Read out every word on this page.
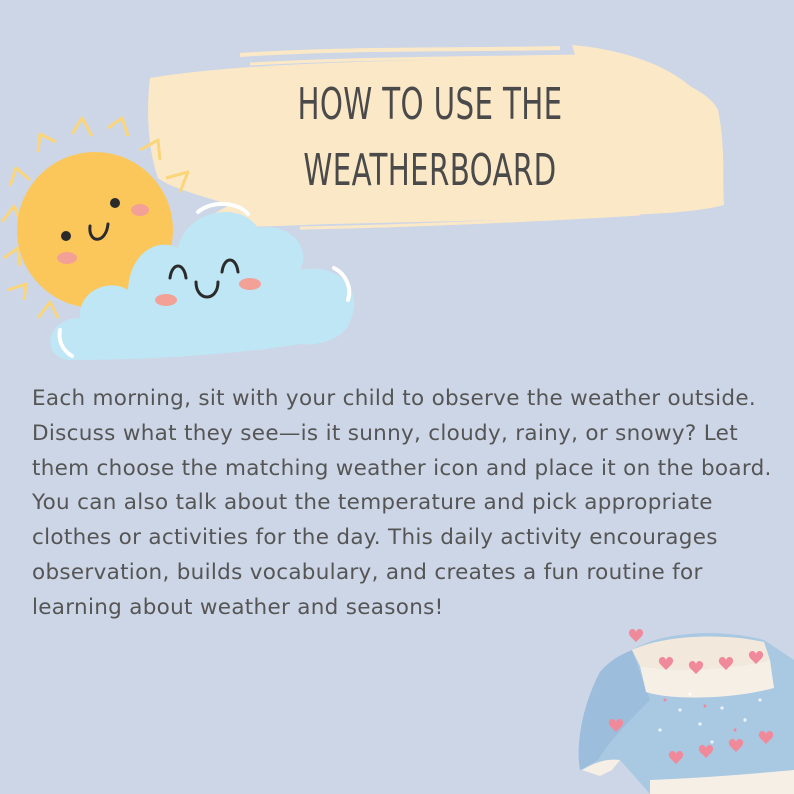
HOW TO USE THE
WEATHERBOARD

Each morning, sit with your child to observe the weather outside. Discuss what they see—is it sunny, cloudy, rainy, or snowy? Let them choose the matching weather icon and place it on the board. You can also talk about the temperature and pick appropriate clothes or activities for the day. This daily activity encourages observation, builds vocabulary, and creates a fun routine for learning about weather and seasons!
